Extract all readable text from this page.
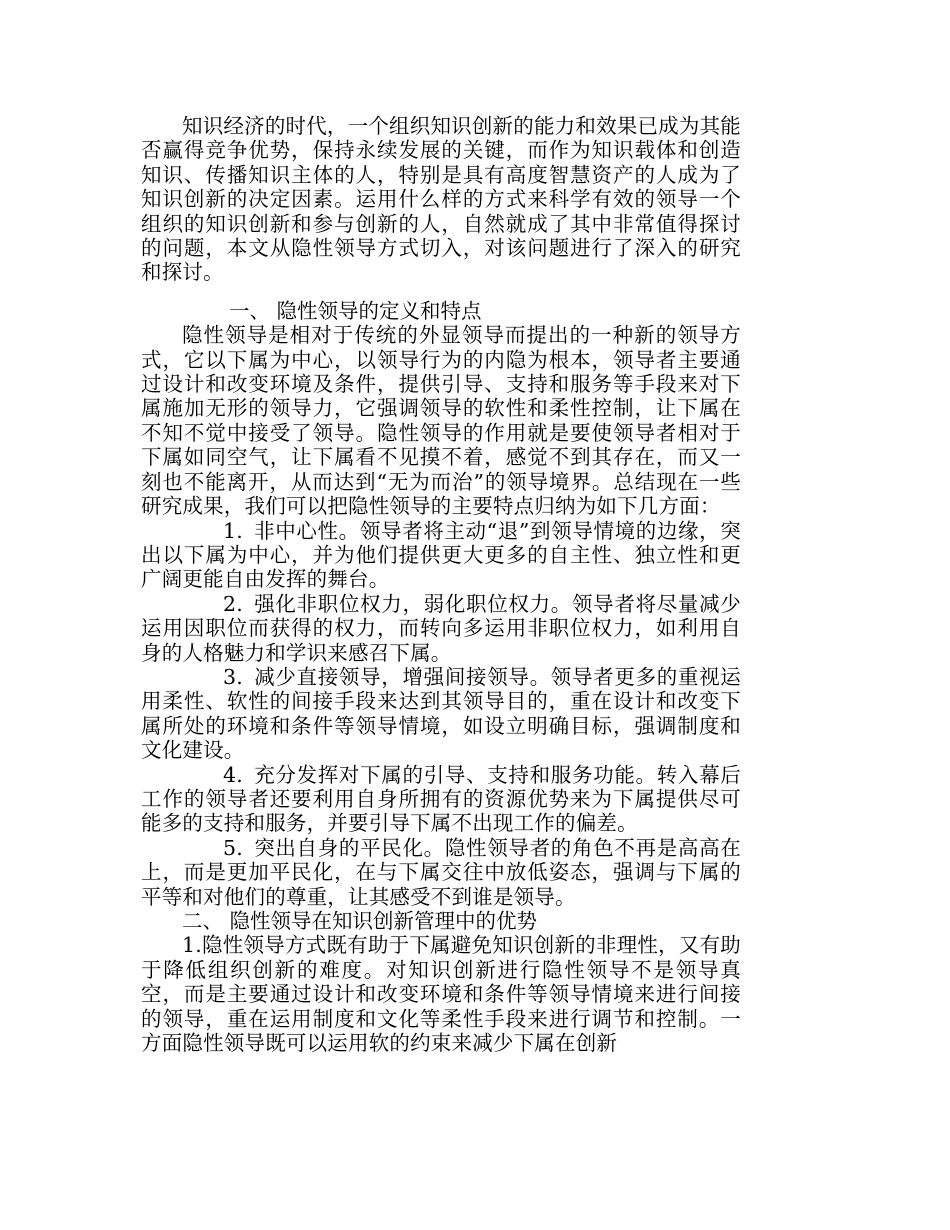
知识经济的时代，一个组织知识创新的能力和效果已成为其能否赢得竞争优势，保持永续发展的关键，而作为知识载体和创造知识、传播知识主体的人，特别是具有高度智慧资产的人成为了知识创新的决定因素。运用什么样的方式来科学有效的领导一个组织的知识创新和参与创新的人，自然就成了其中非常值得探讨的问题，本文从隐性领导方式切入，对该问题进行了深入的研究和探讨。

一、 隐性领导的定义和特点

隐性领导是相对于传统的外显领导而提出的一种新的领导方式，它以下属为中心，以领导行为的内隐为根本，领导者主要通过设计和改变环境及条件，提供引导、支持和服务等手段来对下属施加无形的领导力，它强调领导的软性和柔性控制，让下属在不知不觉中接受了领导。隐性领导的作用就是要使领导者相对于下属如同空气，让下属看不见摸不着，感觉不到其存在，而又一刻也不能离开，从而达到“无为而治”的领导境界。总结现在一些研究成果，我们可以把隐性领导的主要特点归纳为如下几方面：

1. 非中心性。领导者将主动“退”到领导情境的边缘，突出以下属为中心，并为他们提供更大更多的自主性、独立性和更广阔更能自由发挥的舞台。

2. 强化非职位权力，弱化职位权力。领导者将尽量减少运用因职位而获得的权力，而转向多运用非职位权力，如利用自身的人格魅力和学识来感召下属。

3. 减少直接领导，增强间接领导。领导者更多的重视运用柔性、软性的间接手段来达到其领导目的，重在设计和改变下属所处的环境和条件等领导情境，如设立明确目标，强调制度和文化建设。

4. 充分发挥对下属的引导、支持和服务功能。转入幕后工作的领导者还要利用自身所拥有的资源优势来为下属提供尽可能多的支持和服务，并要引导下属不出现工作的偏差。

5. 突出自身的平民化。隐性领导者的角色不再是高高在上，而是更加平民化，在与下属交往中放低姿态，强调与下属的平等和对他们的尊重，让其感受不到谁是领导。

二、 隐性领导在知识创新管理中的优势

1.隐性领导方式既有助于下属避免知识创新的非理性，又有助于降低组织创新的难度。对知识创新进行隐性领导不是领导真空，而是主要通过设计和改变环境和条件等领导情境来进行间接的领导，重在运用制度和文化等柔性手段来进行调节和控制。一方面隐性领导既可以运用软的约束来减少下属在创新
